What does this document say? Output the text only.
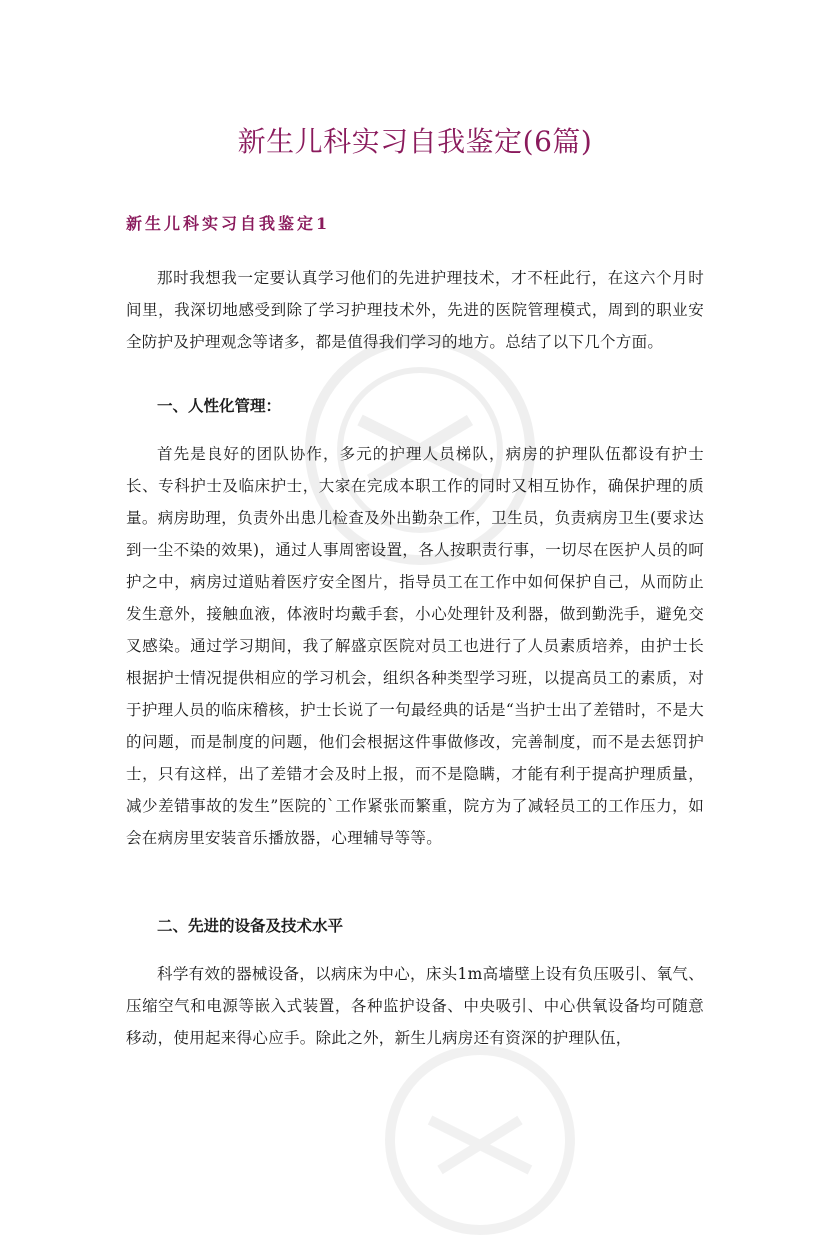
新生儿科实习自我鉴定(6篇)
新生儿科实习自我鉴定1

那时我想我一定要认真学习他们的先进护理技术，才不枉此行，在这六个月时间里，我深切地感受到除了学习护理技术外，先进的医院管理模式，周到的职业安全防护及护理观念等诸多，都是值得我们学习的地方。总结了以下几个方面。

一、人性化管理：

首先是良好的团队协作，多元的护理人员梯队，病房的护理队伍都设有护士长、专科护士及临床护士，大家在完成本职工作的同时又相互协作，确保护理的质量。病房助理，负责外出患儿检查及外出勤杂工作，卫生员，负责病房卫生(要求达到一尘不染的效果)，通过人事周密设置，各人按职责行事，一切尽在医护人员的呵护之中，病房过道贴着医疗安全图片，指导员工在工作中如何保护自己，从而防止发生意外，接触血液，体液时均戴手套，小心处理针及利器，做到勤洗手，避免交叉感染。通过学习期间，我了解盛京医院对员工也进行了人员素质培养，由护士长根据护士情况提供相应的学习机会，组织各种类型学习班，以提高员工的素质，对于护理人员的临床稽核，护士长说了一句最经典的话是“当护士出了差错时，不是大的问题，而是制度的问题，他们会根据这件事做修改，完善制度，而不是去惩罚护士，只有这样，出了差错才会及时上报，而不是隐瞒，才能有利于提高护理质量，减少差错事故的发生”医院的`工作紧张而繁重，院方为了减轻员工的工作压力，如会在病房里安装音乐播放器，心理辅导等等。

二、先进的设备及技术水平

科学有效的器械设备，以病床为中心，床头1m高墙壁上设有负压吸引、氧气、压缩空气和电源等嵌入式装置，各种监护设备、中央吸引、中心供氧设备均可随意移动，使用起来得心应手。除此之外，新生儿病房还有资深的护理队伍，
